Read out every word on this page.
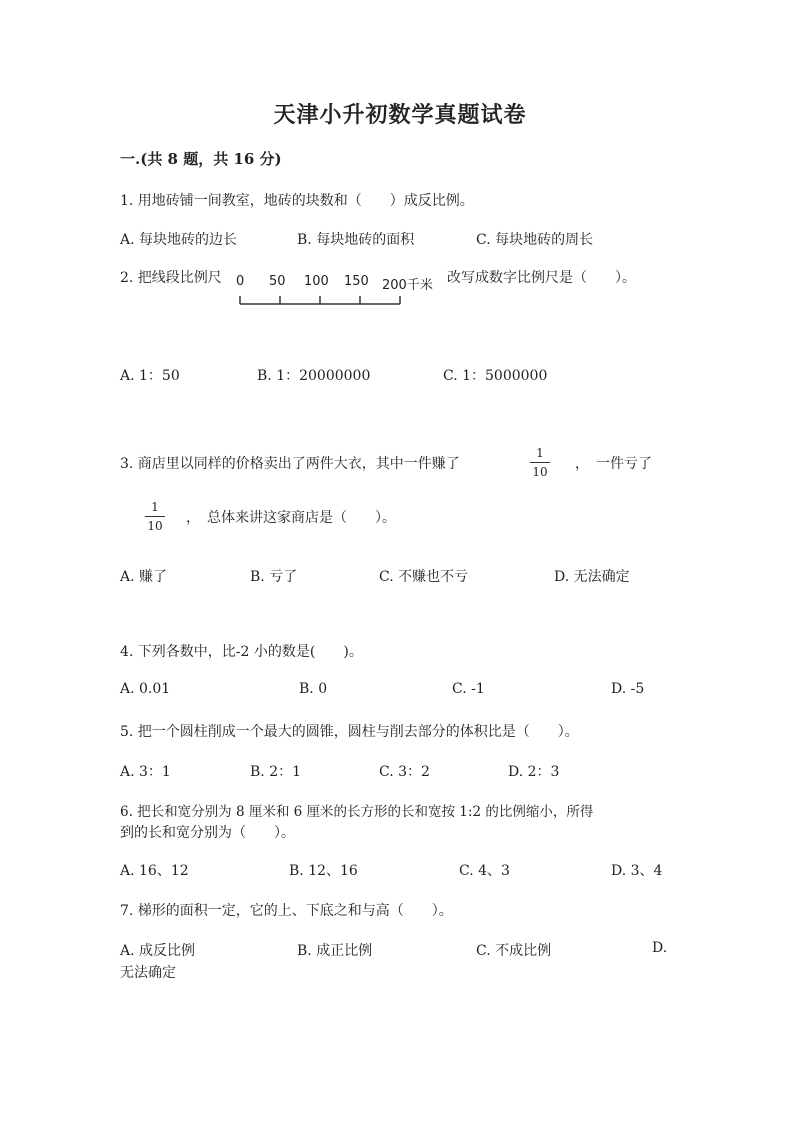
天津小升初数学真题试卷
一.(共 8 题，共 16 分)
1. 用地砖铺一间教室，地砖的块数和（　　）成反比例。
A. 每块地砖的边长	B. 每块地砖的面积	C. 每块地砖的周长
2. 把线段比例尺 0 50 100 150 200千米 改写成数字比例尺是（　　）。
A. 1：50	B. 1：20000000	C. 1：5000000
3. 商店里以同样的价格卖出了两件大衣，其中一件赚了
1
10	，　一件亏了
1
10	，　总体来讲这家商店是（　　）。
A. 赚了	B. 亏了	C. 不赚也不亏	D. 无法确定
4. 下列各数中，比-2 小的数是(　　)。
A. 0.01	B. 0	C. -1	D. -5
5. 把一个圆柱削成一个最大的圆锥，圆柱与削去部分的体积比是（　　）。
A. 3：1	B. 2：1	C. 3：2	D. 2：3
6. 把长和宽分别为 8 厘米和 6 厘米的长方形的长和宽按 1:2 的比例缩小，所得
到的长和宽分别为（　　）。
A. 16、12	B. 12、16	C. 4、3	D. 3、4
7. 梯形的面积一定，它的上、下底之和与高（　　）。
A. 成反比例	B. 成正比例	C. 不成比例	D.
无法确定
